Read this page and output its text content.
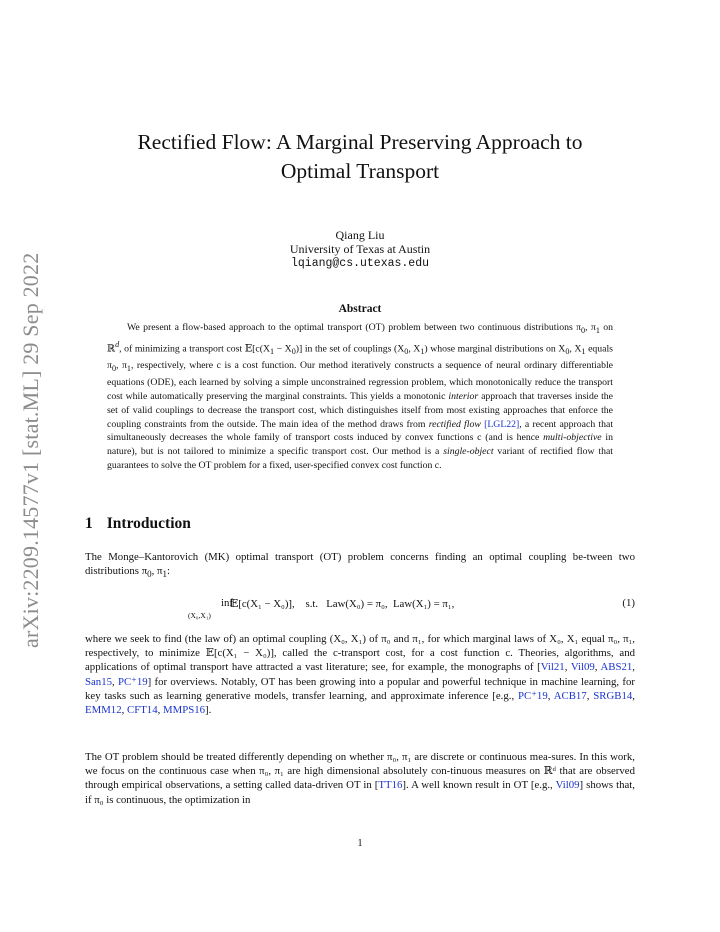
arXiv:2209.14577v1 [stat.ML] 29 Sep 2022
Rectified Flow: A Marginal Preserving Approach to
Optimal Transport
Qiang Liu
University of Texas at Austin
lqiang@cs.utexas.edu
Abstract
We present a flow-based approach to the optimal transport (OT) problem between two continuous distributions $\pi_0$, $\pi_1$ on ℝ$^d$, of minimizing a transport cost $𝔼[c(X_1 - X_0)]$ in the set of couplings ($X_0$, $X_1$) whose marginal distributions on $X_0$, $X_1$ equals $\pi_0$, $\pi_1$, respectively, where c is a cost function. Our method iteratively constructs a sequence of neural ordinary differentiable equations (ODE), each learned by solving a simple unconstrained regression problem, which monotonically reduce the transport cost while automatically preserving the marginal constraints. This yields a monotonic interior approach that traverses inside the set of valid couplings to decrease the transport cost, which distinguishes itself from most existing approaches that enforce the coupling constraints from the outside. The main idea of the method draws from rectified flow [LGL22], a recent approach that simultaneously decreases the whole family of transport costs induced by convex functions c (and is hence multi-objective in nature), but is not tailored to minimize a specific transport cost. Our method is a single-object variant of rectified flow that guarantees to solve the OT problem for a fixed, user-specified convex cost function c.
1 Introduction
The Monge–Kantorovich (MK) optimal transport (OT) problem concerns finding an optimal coupling be-tween two distributions $\pi_0$, $\pi_1$:
inf
(X₀,X₁)
𝔼[c(X₁ − X₀)],    s.t.   Law(X₀) = π₀,  Law(X₁) = π₁,	(1)
where we seek to find (the law of) an optimal coupling (X₀, X₁) of π₀ and π₁, for which marginal laws of X₀, X₁ equal π₀, π₁, respectively, to minimize 𝔼[c(X₁ − X₀)], called the c-transport cost, for a cost function c. Theories, algorithms, and applications of optimal transport have attracted a vast literature; see, for example, the monographs of [Vil21, Vil09, ABS21, San15, PC⁺19] for overviews. Notably, OT has been growing into a popular and powerful technique in machine learning, for key tasks such as learning generative models, transfer learning, and approximate inference [e.g., PC⁺19, ACB17, SRGB14, EMM12, CFT14, MMPS16].
The OT problem should be treated differently depending on whether π₀, π₁ are discrete or continuous mea-sures. In this work, we focus on the continuous case when π₀, π₁ are high dimensional absolutely con-tinuous measures on ℝᵈ that are observed through empirical observations, a setting called data-driven OT in [TT16]. A well known result in OT [e.g., Vil09] shows that, if π₀ is continuous, the optimization in
1
